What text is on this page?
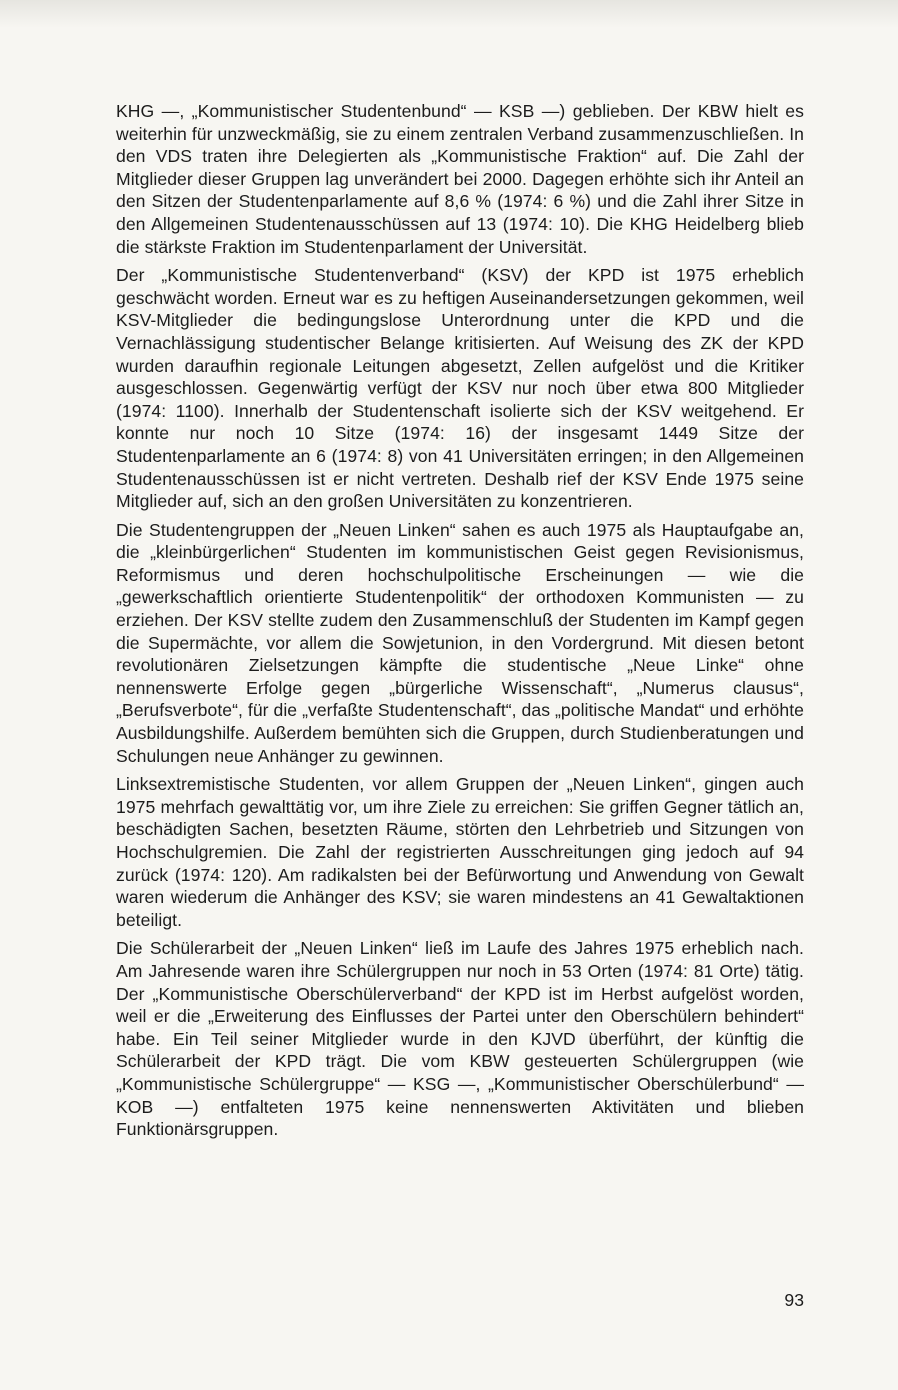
KHG —, „Kommunistischer Studentenbund“ — KSB —) geblieben. Der KBW hielt es weiterhin für unzweckmäßig, sie zu einem zentralen Verband zusammenzuschließen. In den VDS traten ihre Delegierten als „Kommunistische Fraktion“ auf. Die Zahl der Mitglieder dieser Gruppen lag unverändert bei 2000. Dagegen erhöhte sich ihr Anteil an den Sitzen der Studentenparlamente auf 8,6 % (1974: 6 %) und die Zahl ihrer Sitze in den Allgemeinen Studentenausschüssen auf 13 (1974: 10). Die KHG Heidelberg blieb die stärkste Fraktion im Studentenparlament der Universität.

Der „Kommunistische Studentenverband“ (KSV) der KPD ist 1975 erheblich geschwächt worden. Erneut war es zu heftigen Auseinandersetzungen gekommen, weil KSV-Mitglieder die bedingungslose Unterordnung unter die KPD und die Vernachlässigung studentischer Belange kritisierten. Auf Weisung des ZK der KPD wurden daraufhin regionale Leitungen abgesetzt, Zellen aufgelöst und die Kritiker ausgeschlossen. Gegenwärtig verfügt der KSV nur noch über etwa 800 Mitglieder (1974: 1100). Innerhalb der Studentenschaft isolierte sich der KSV weitgehend. Er konnte nur noch 10 Sitze (1974: 16) der insgesamt 1449 Sitze der Studentenparlamente an 6 (1974: 8) von 41 Universitäten erringen; in den Allgemeinen Studentenausschüssen ist er nicht vertreten. Deshalb rief der KSV Ende 1975 seine Mitglieder auf, sich an den großen Universitäten zu konzentrieren.

Die Studentengruppen der „Neuen Linken“ sahen es auch 1975 als Hauptaufgabe an, die „kleinbürgerlichen“ Studenten im kommunistischen Geist gegen Revisionismus, Reformismus und deren hochschulpolitische Erscheinungen — wie die „gewerkschaftlich orientierte Studentenpolitik“ der orthodoxen Kommunisten — zu erziehen. Der KSV stellte zudem den Zusammenschluß der Studenten im Kampf gegen die Supermächte, vor allem die Sowjetunion, in den Vordergrund. Mit diesen betont revolutionären Zielsetzungen kämpfte die studentische „Neue Linke“ ohne nennenswerte Erfolge gegen „bürgerliche Wissenschaft“, „Numerus clausus“, „Berufsverbote“, für die „verfaßte Studentenschaft“, das „politische Mandat“ und erhöhte Ausbildungshilfe. Außerdem bemühten sich die Gruppen, durch Studienberatungen und Schulungen neue Anhänger zu gewinnen.

Linksextremistische Studenten, vor allem Gruppen der „Neuen Linken“, gingen auch 1975 mehrfach gewalttätig vor, um ihre Ziele zu erreichen: Sie griffen Gegner tätlich an, beschädigten Sachen, besetzten Räume, störten den Lehrbetrieb und Sitzungen von Hochschulgremien. Die Zahl der registrierten Ausschreitungen ging jedoch auf 94 zurück (1974: 120). Am radikalsten bei der Befürwortung und Anwendung von Gewalt waren wiederum die Anhänger des KSV; sie waren mindestens an 41 Gewaltaktionen beteiligt.

Die Schülerarbeit der „Neuen Linken“ ließ im Laufe des Jahres 1975 erheblich nach. Am Jahresende waren ihre Schülergruppen nur noch in 53 Orten (1974: 81 Orte) tätig. Der „Kommunistische Oberschülerverband“ der KPD ist im Herbst aufgelöst worden, weil er die „Erweiterung des Einflusses der Partei unter den Oberschülern behindert“ habe. Ein Teil seiner Mitglieder wurde in den KJVD überführt, der künftig die Schülerarbeit der KPD trägt. Die vom KBW gesteuerten Schülergruppen (wie „Kommunistische Schülergruppe“ — KSG —, „Kommunistischer Oberschülerbund“ — KOB —) entfalteten 1975 keine nennenswerten Aktivitäten und blieben Funktionärsgruppen.

93
